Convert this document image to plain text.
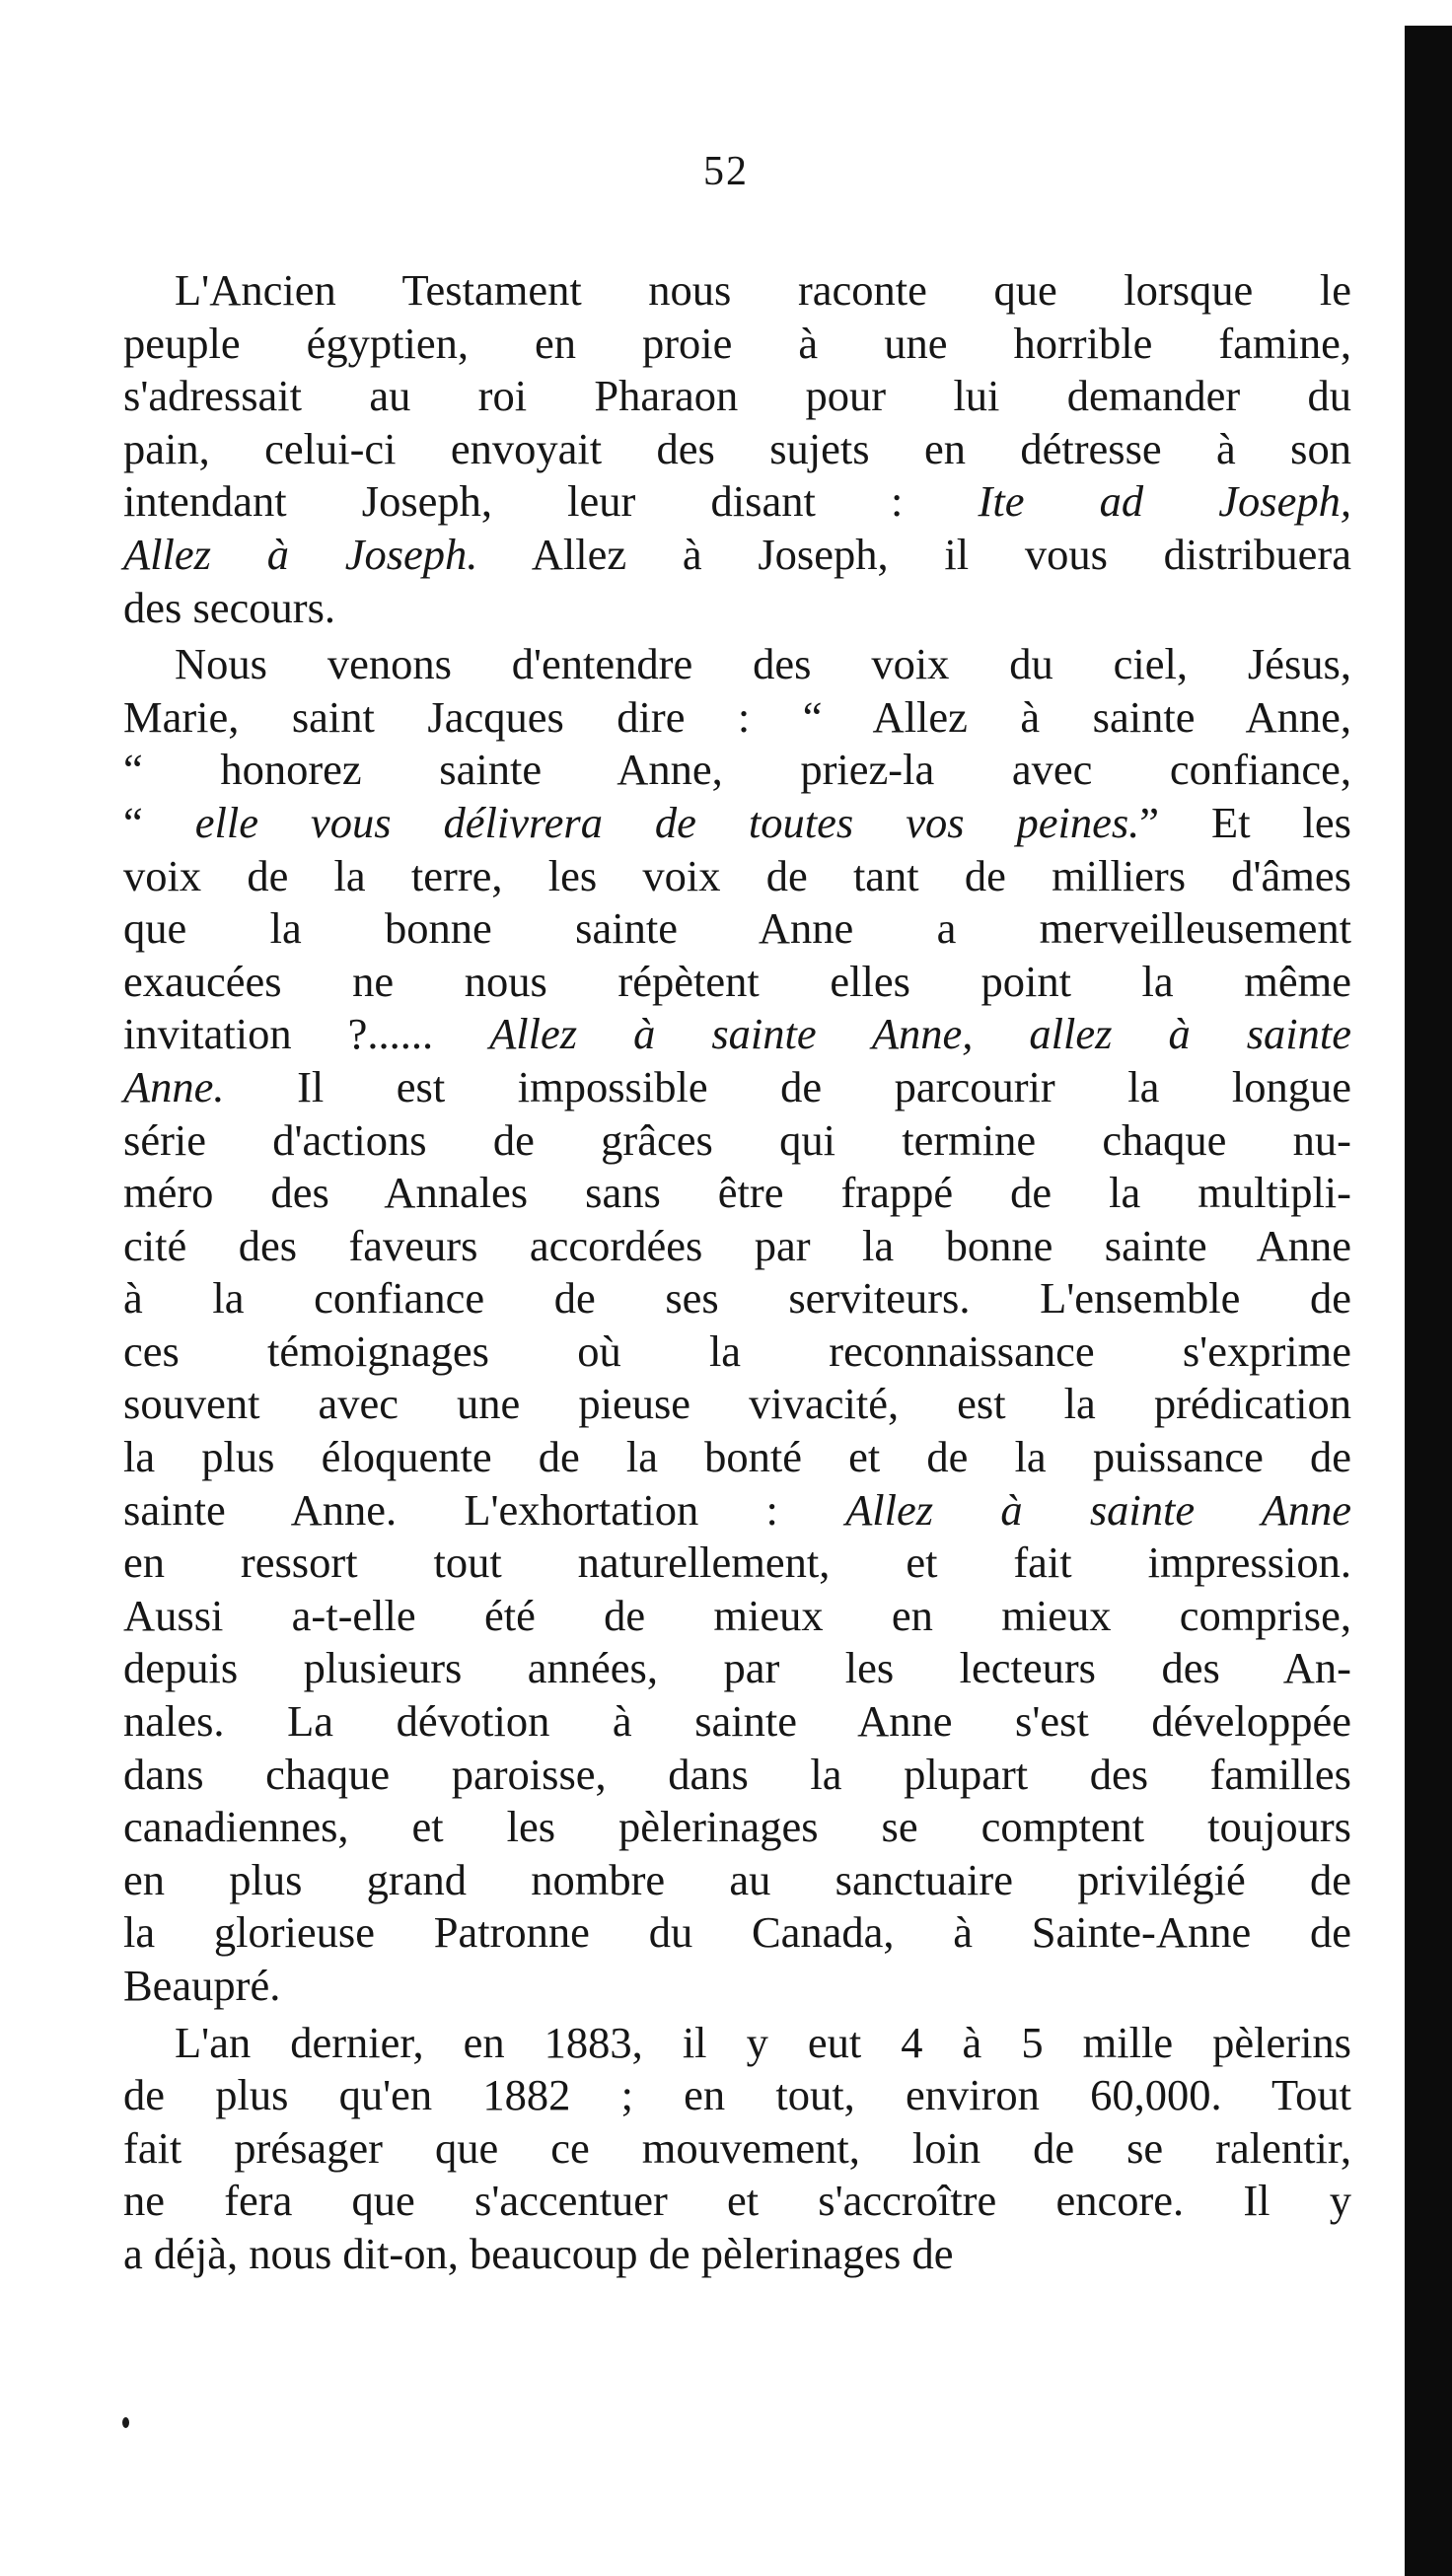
52
L'Ancien Testament nous raconte que lorsque le
peuple égyptien, en proie à une horrible famine,
s'adressait au roi Pharaon pour lui demander du
pain, celui-ci envoyait des sujets en détresse à son
intendant Joseph, leur disant : Ite ad Joseph,
Allez à Joseph. Allez à Joseph, il vous distribuera
des secours.
Nous venons d'entendre des voix du ciel, Jésus,
Marie, saint Jacques dire : “ Allez à sainte Anne,
“ honorez sainte Anne, priez-la avec confiance,
“ elle vous délivrera de toutes vos peines.” Et les
voix de la terre, les voix de tant de milliers d'âmes
que la bonne sainte Anne a merveilleusement
exaucées ne nous répètent elles point la même
invitation ?...... Allez à sainte Anne, allez à sainte
Anne. Il est impossible de parcourir la longue
série d'actions de grâces qui termine chaque nu-
méro des Annales sans être frappé de la multipli-
cité des faveurs accordées par la bonne sainte Anne
à la confiance de ses serviteurs. L'ensemble de
ces témoignages où la reconnaissance s'exprime
souvent avec une pieuse vivacité, est la prédication
la plus éloquente de la bonté et de la puissance de
sainte Anne. L'exhortation : Allez à sainte Anne
en ressort tout naturellement, et fait impression.
Aussi a-t-elle été de mieux en mieux comprise,
depuis plusieurs années, par les lecteurs des An-
nales. La dévotion à sainte Anne s'est développée
dans chaque paroisse, dans la plupart des familles
canadiennes, et les pèlerinages se comptent toujours
en plus grand nombre au sanctuaire privilégié de
la glorieuse Patronne du Canada, à Sainte-Anne de
Beaupré.
L'an dernier, en 1883, il y eut 4 à 5 mille pèlerins
de plus qu'en 1882 ; en tout, environ 60,000. Tout
fait présager que ce mouvement, loin de se ralentir,
ne fera que s'accentuer et s'accroître encore. Il y
a déjà, nous dit-on, beaucoup de pèlerinages de
